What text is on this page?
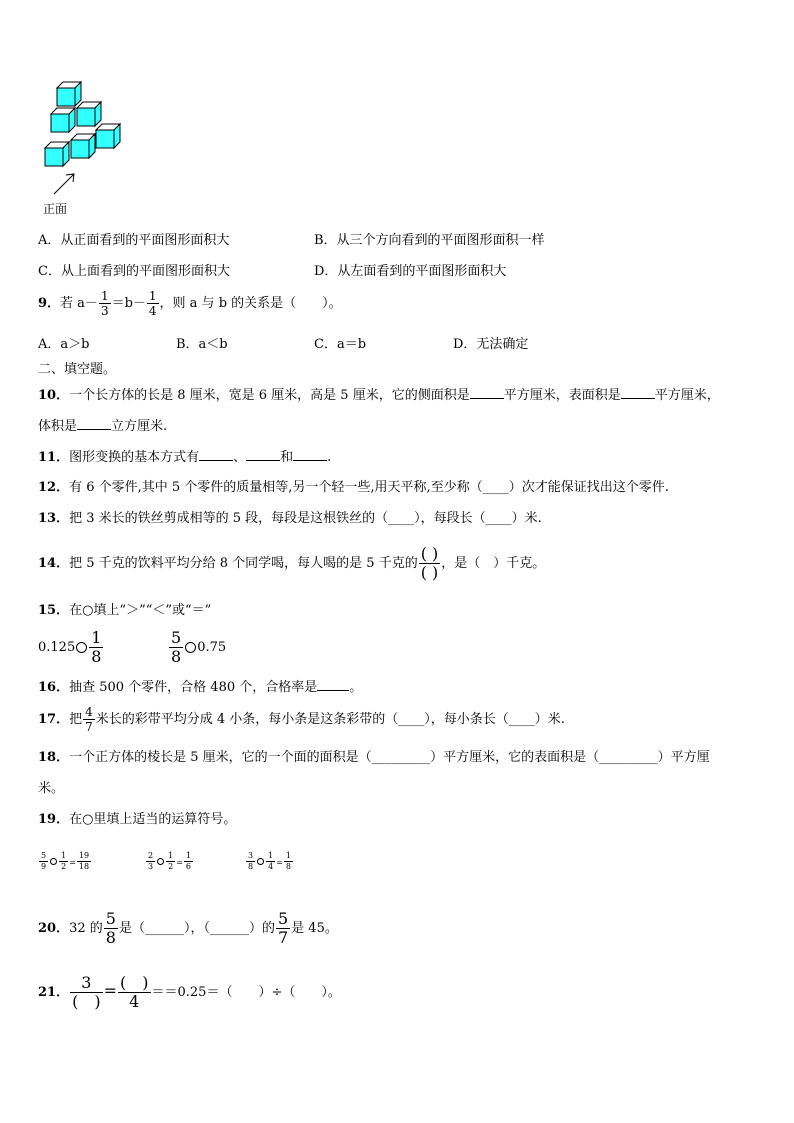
正面
A．从正面看到的平面图形面积大	B．从三个方向看到的平面图形面积一样
C．从上面看到的平面图形面积大	D．从左面看到的平面图形面积大
9．若 $a- \frac{1}{3} =b- \frac{1}{4}$ ，则 a 与 b 的关系是（　　）。
A．a＞b	B．a＜b	C．a＝b	D．无法确定
二、填空题。
10．一个长方体的长是 8 厘米，宽是 6 厘米，高是 5 厘米，它的侧面积是	平方厘米，表面积是	平方厘米，
体积是	立方厘米.
11．图形变换的基本方式有	、	和	.
12．有 6 个零件,其中 5 个零件的质量相等,另一个轻一些,用天平称,至少称（____）次才能保证找出这个零件.
13．把 3 米长的铁丝剪成相等的 5 段，每段是这根铁丝的（____），每段长（____）米.
14．把 5 千克的饮料平均分给 8 个同学喝，每人喝的是 5 千克的 $\frac{( )}{( )}$ ，是（　）千克。
15．在○填上“＞”“＜”或“＝”
$0.125 \frac{1}{8}$	$\frac{5}{8} 0.75$
16．抽查 500 个零件，合格 480 个，合格率是 。
17．把 $\frac{4}{7}$ 米长的彩带平均分成 4 小条，每小条是这条彩带的（____），每小条长（____）米.
18．一个正方体的棱长是 5 厘米，它的一个面的面积是（_________）平方厘米，它的表面积是（_________）平方厘
米。
19．在○里填上适当的运算符号。
$\frac{5}{9} \frac{1}{2} = \frac{19}{18}$	$\frac{2}{3} \frac{1}{2} = \frac{1}{6}$	$\frac{3}{8} \frac{1}{4} = \frac{1}{8}$
20．32 的 $\frac{5}{8}$ 是（______），（______）的 $\frac{5}{7}$ 是 45。
21． $\frac{3}{( )} = \frac{( )}{4} ==0.25=$（　　）÷（　　）。
